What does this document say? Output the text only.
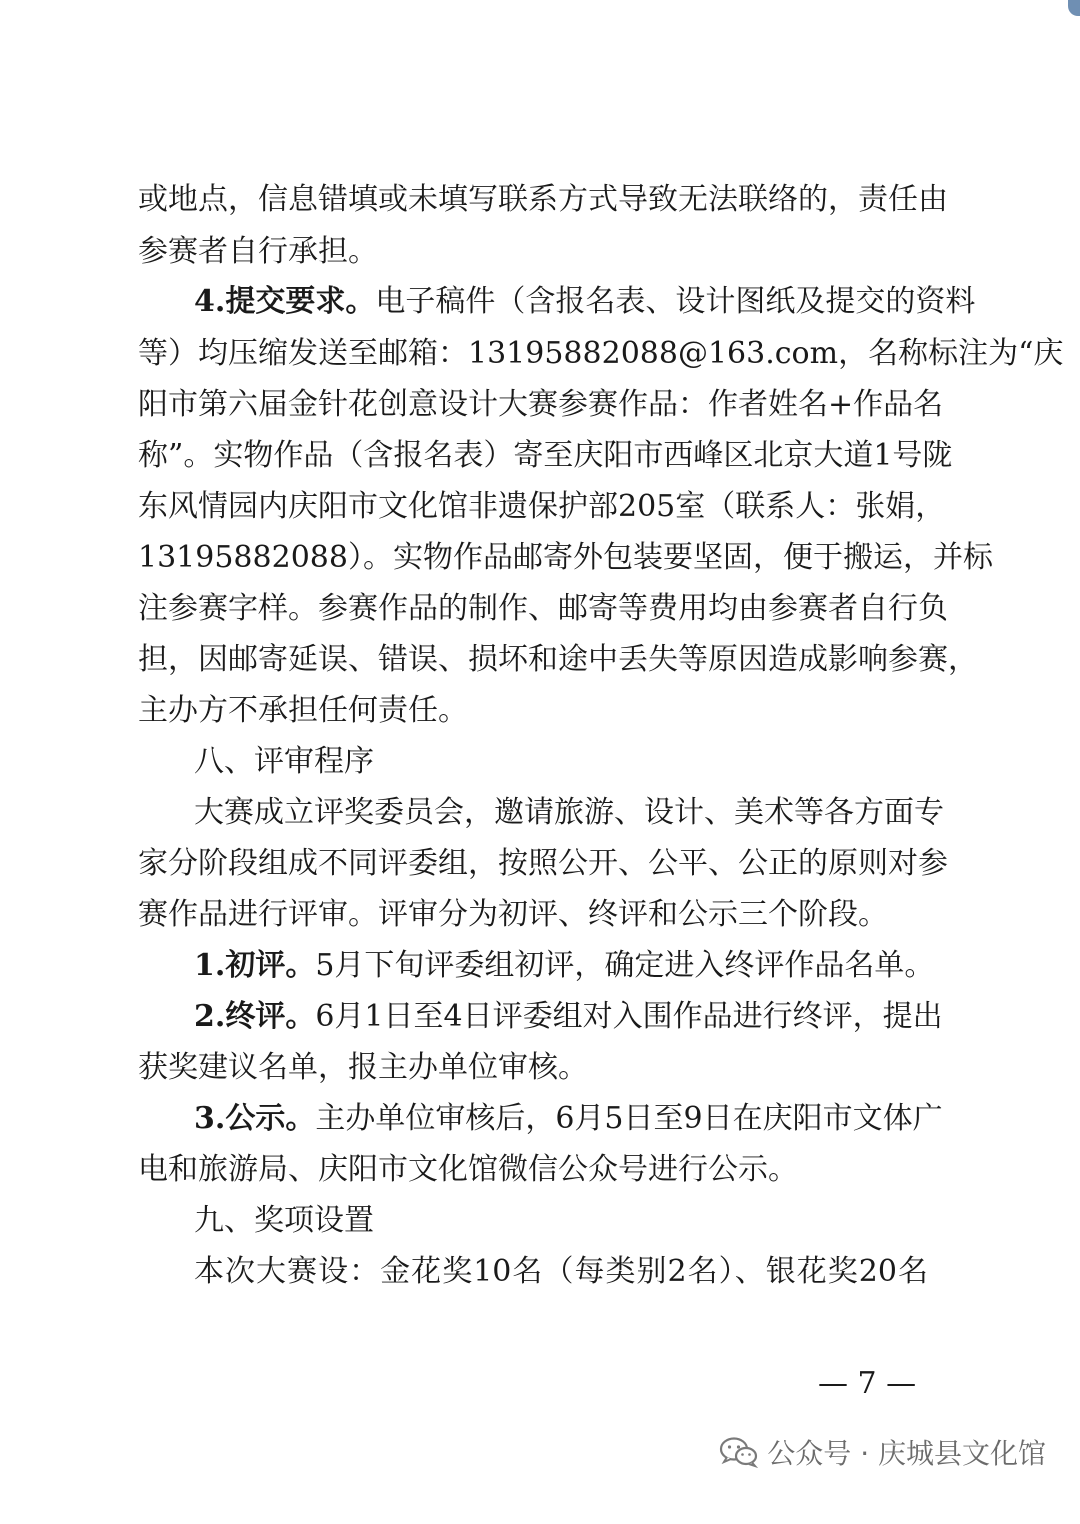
或地点，信息错填或未填写联系方式导致无法联络的，责任由
参赛者自行承担。
4.提交要求。电子稿件（含报名表、设计图纸及提交的资料
等）均压缩发送至邮箱：13195882088@163.com，名称标注为“庆
阳市第六届金针花创意设计大赛参赛作品：作者姓名+作品名
称”。实物作品（含报名表）寄至庆阳市西峰区北京大道1号陇
东风情园内庆阳市文化馆非遗保护部205室（联系人：张娟，
13195882088）。实物作品邮寄外包装要坚固，便于搬运，并标
注参赛字样。参赛作品的制作、邮寄等费用均由参赛者自行负
担，因邮寄延误、错误、损坏和途中丢失等原因造成影响参赛，
主办方不承担任何责任。
八、评审程序
大赛成立评奖委员会，邀请旅游、设计、美术等各方面专
家分阶段组成不同评委组，按照公开、公平、公正的原则对参
赛作品进行评审。评审分为初评、终评和公示三个阶段。
1.初评。5月下旬评委组初评，确定进入终评作品名单。
2.终评。6月1日至4日评委组对入围作品进行终评，提出
获奖建议名单，报主办单位审核。
3.公示。主办单位审核后，6月5日至9日在庆阳市文体广
电和旅游局、庆阳市文化馆微信公众号进行公示。
九、奖项设置
本次大赛设：金花奖10名（每类别2名）、银花奖20名
— 7 —
公众号 · 庆城县文化馆
